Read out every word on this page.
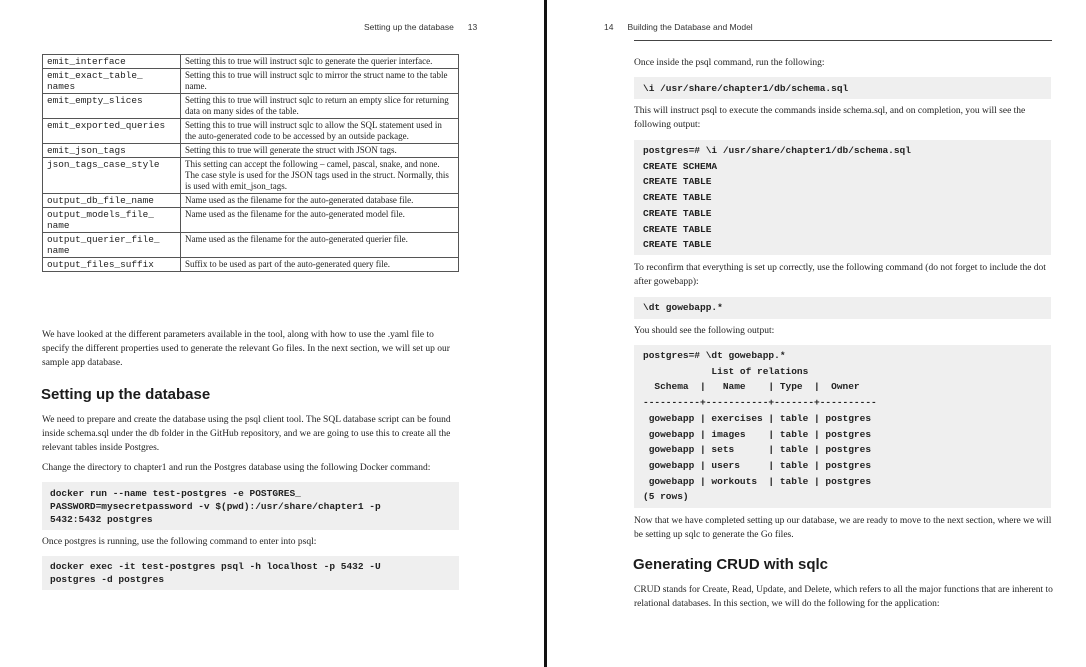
Setting up the database 13
emit_interface	Setting this to true will instruct sqlc to generate the querier interface.
emit_exact_table_ names	Setting this to true will instruct sqlc to mirror the struct name to the table name.
emit_empty_slices	Setting this to true will instruct sqlc to return an empty slice for returning data on many sides of the table.
emit_exported_queries	Setting this to true will instruct sqlc to allow the SQL statement used in the auto-generated code to be accessed by an outside package.
emit_json_tags	Setting this to true will generate the struct with JSON tags.
json_tags_case_style	This setting can accept the following – camel, pascal, snake, and none. The case style is used for the JSON tags used in the struct. Normally, this is used with emit_json_tags.
output_db_file_name	Name used as the filename for the auto-generated database file.
output_models_file_ name	Name used as the filename for the auto-generated model file.
output_querier_file_ name	Name used as the filename for the auto-generated querier file.
output_files_suffix	Suffix to be used as part of the auto-generated query file.
We have looked at the different parameters available in the tool, along with how to use the .yaml file to specify the different properties used to generate the relevant Go files. In the next section, we will set up our sample app database.
Setting up the database
We need to prepare and create the database using the psql client tool. The SQL database script can be found inside schema.sql under the db folder in the GitHub repository, and we are going to use this to create all the relevant tables inside Postgres.
Change the directory to chapter1 and run the Postgres database using the following Docker command:
docker run --name test-postgres -e POSTGRES_
PASSWORD=mysecretpassword -v $(pwd):/usr/share/chapter1 -p
5432:5432 postgres
Once postgres is running, use the following command to enter into psql:
docker exec -it test-postgres psql -h localhost -p 5432 -U
postgres -d postgres
14 Building the Database and Model
Once inside the psql command, run the following:
\i /usr/share/chapter1/db/schema.sql
This will instruct psql to execute the commands inside schema.sql, and on completion, you will see the following output:
postgres=# \i /usr/share/chapter1/db/schema.sql
CREATE SCHEMA
CREATE TABLE
CREATE TABLE
CREATE TABLE
CREATE TABLE
CREATE TABLE
To reconfirm that everything is set up correctly, use the following command (do not forget to include the dot after gowebapp):
\dt gowebapp.*
You should see the following output:
postgres=# \dt gowebapp.*
List of relations
Schema  |   Name    | Type  |  Owner
----------+-----------+-------+----------
gowebapp | exercises | table | postgres
gowebapp | images    | table | postgres
gowebapp | sets      | table | postgres
gowebapp | users     | table | postgres
gowebapp | workouts  | table | postgres
(5 rows)
Now that we have completed setting up our database, we are ready to move to the next section, where we will be setting up sqlc to generate the Go files.
Generating CRUD with sqlc
CRUD stands for Create, Read, Update, and Delete, which refers to all the major functions that are inherent to relational databases. In this section, we will do the following for the application:
